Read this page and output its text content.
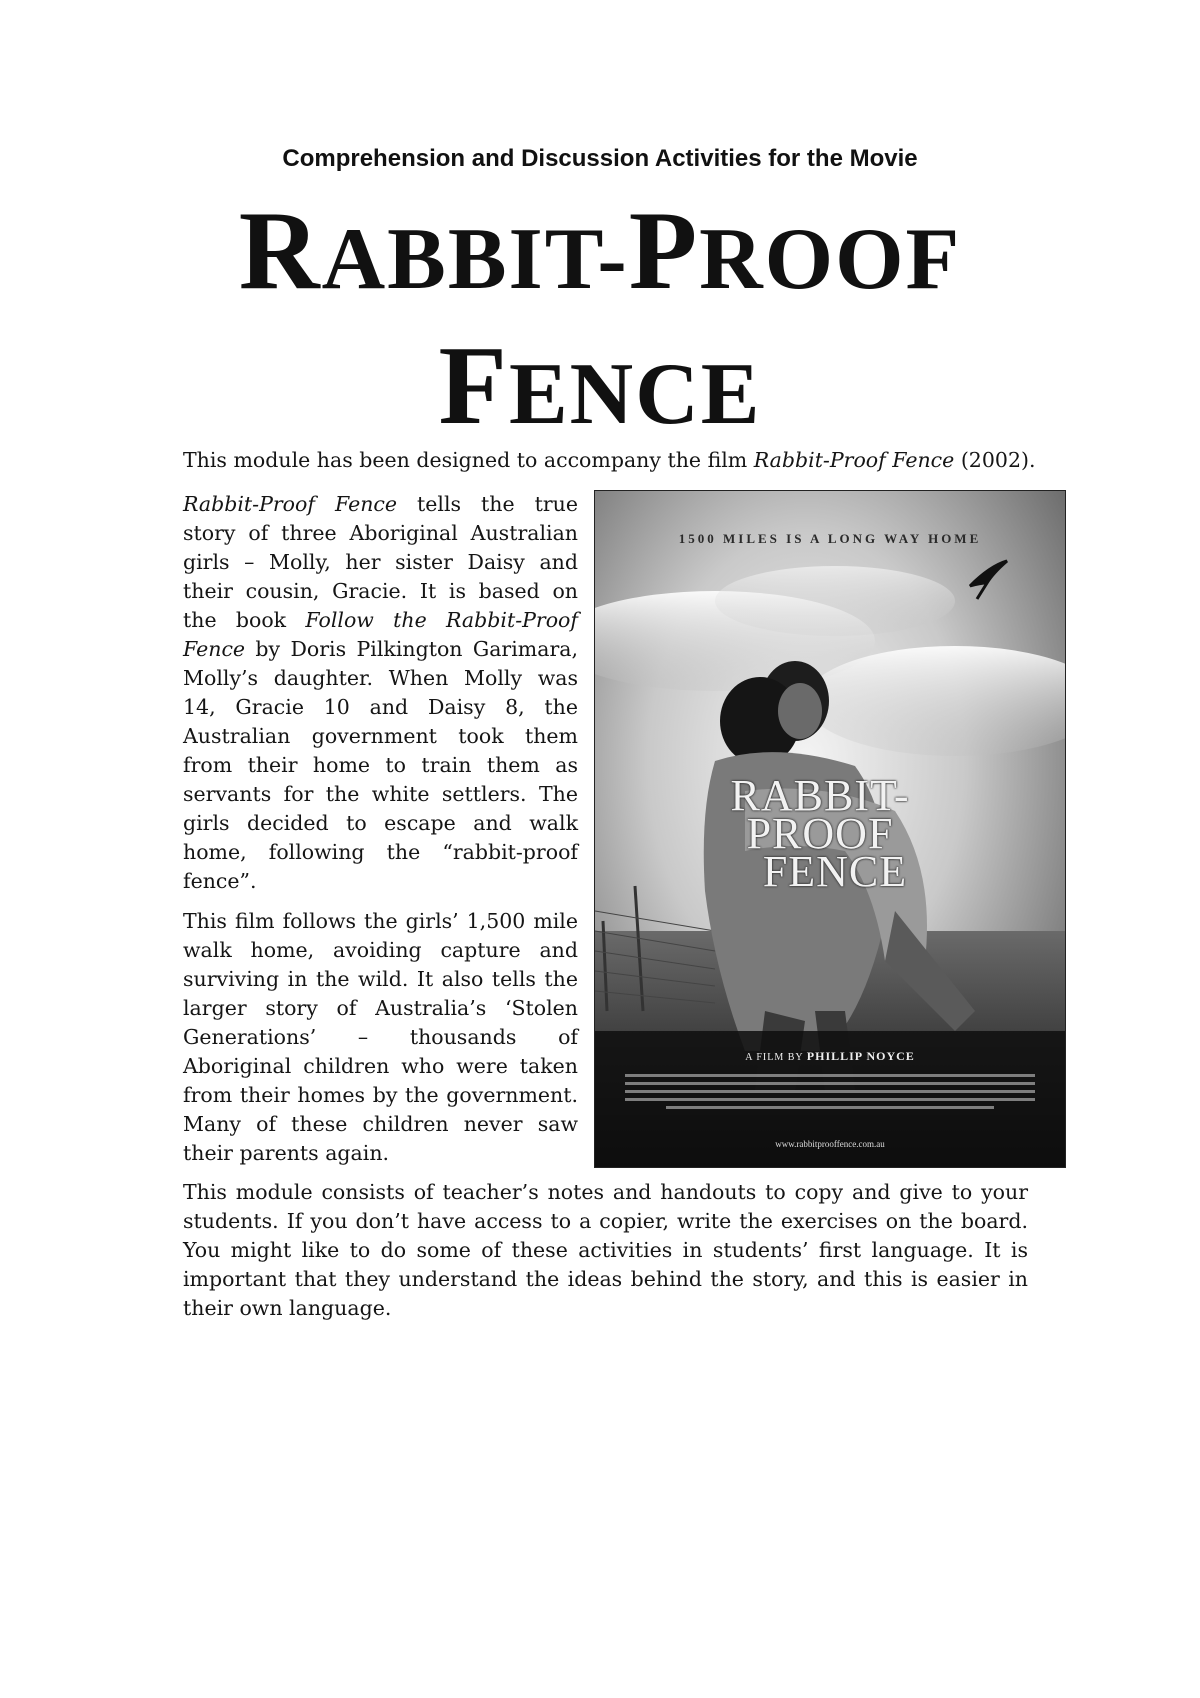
Comprehension and Discussion Activities for the Movie
RABBIT-PROOF
FENCE

This module has been designed to accompany the film Rabbit-Proof Fence (2002).

Rabbit-Proof Fence tells the true story of three Aboriginal Australian girls – Molly, her sister Daisy and their cousin, Gracie. It is based on the book Follow the Rabbit-Proof Fence by Doris Pilkington Garimara, Molly’s daughter. When Molly was 14, Gracie 10 and Daisy 8, the Australian government took them from their home to train them as servants for the white settlers. The girls decided to escape and walk home, following the “rabbit-proof fence”.

This film follows the girls’ 1,500 mile walk home, avoiding capture and surviving in the wild. It also tells the larger story of Australia’s ‘Stolen Generations’ – thousands of Aboriginal children who were taken from their homes by the government. Many of these children never saw their parents again.

1500 MILES IS A LONG WAY HOME
RABBIT-
PROOF
FENCE
A FILM BY PHILLIP NOYCE
www.rabbitprooffence.com.au

This module consists of teacher’s notes and handouts to copy and give to your students. If you don’t have access to a copier, write the exercises on the board. You might like to do some of these activities in students’ first language. It is important that they understand the ideas behind the story, and this is easier in their own language.
